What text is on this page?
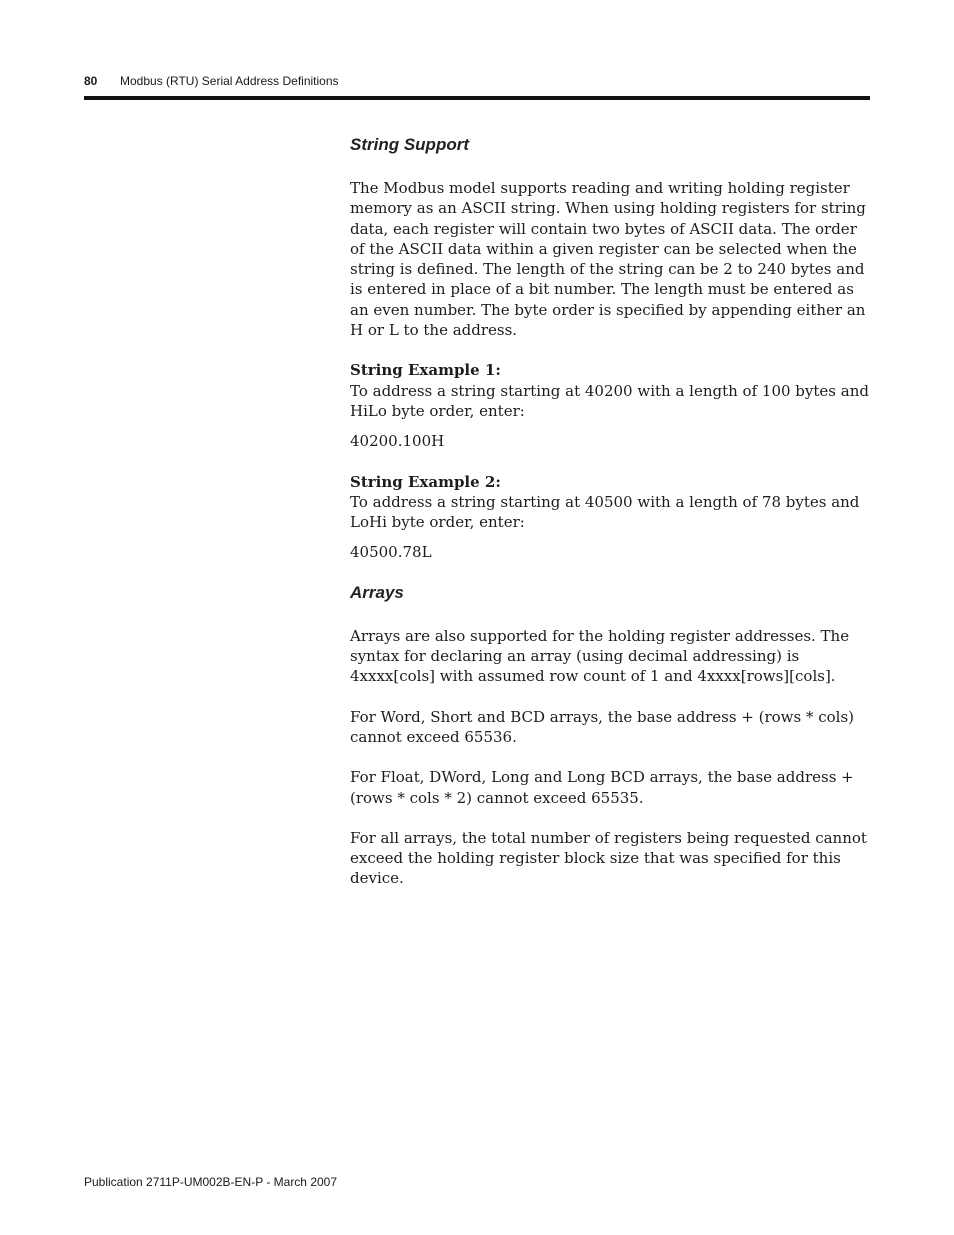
80 Modbus (RTU) Serial Address Definitions
String Support

The Modbus model supports reading and writing holding register memory as an ASCII string. When using holding registers for string data, each register will contain two bytes of ASCII data. The order of the ASCII data within a given register can be selected when the string is defined. The length of the string can be 2 to 240 bytes and is entered in place of a bit number. The length must be entered as an even number. The byte order is specified by appending either an H or L to the address.

String Example 1:

To address a string starting at 40200 with a length of 100 bytes and HiLo byte order, enter:

40200.100H

String Example 2:

To address a string starting at 40500 with a length of 78 bytes and LoHi byte order, enter:

40500.78L

Arrays

Arrays are also supported for the holding register addresses. The syntax for declaring an array (using decimal addressing) is 4xxxx[cols] with assumed row count of 1 and 4xxxx[rows][cols].

For Word, Short and BCD arrays, the base address + (rows * cols) cannot exceed 65536.

For Float, DWord, Long and Long BCD arrays, the base address + (rows * cols * 2) cannot exceed 65535.

For all arrays, the total number of registers being requested cannot exceed the holding register block size that was specified for this device.

Publication 2711P-UM002B-EN-P - March 2007
